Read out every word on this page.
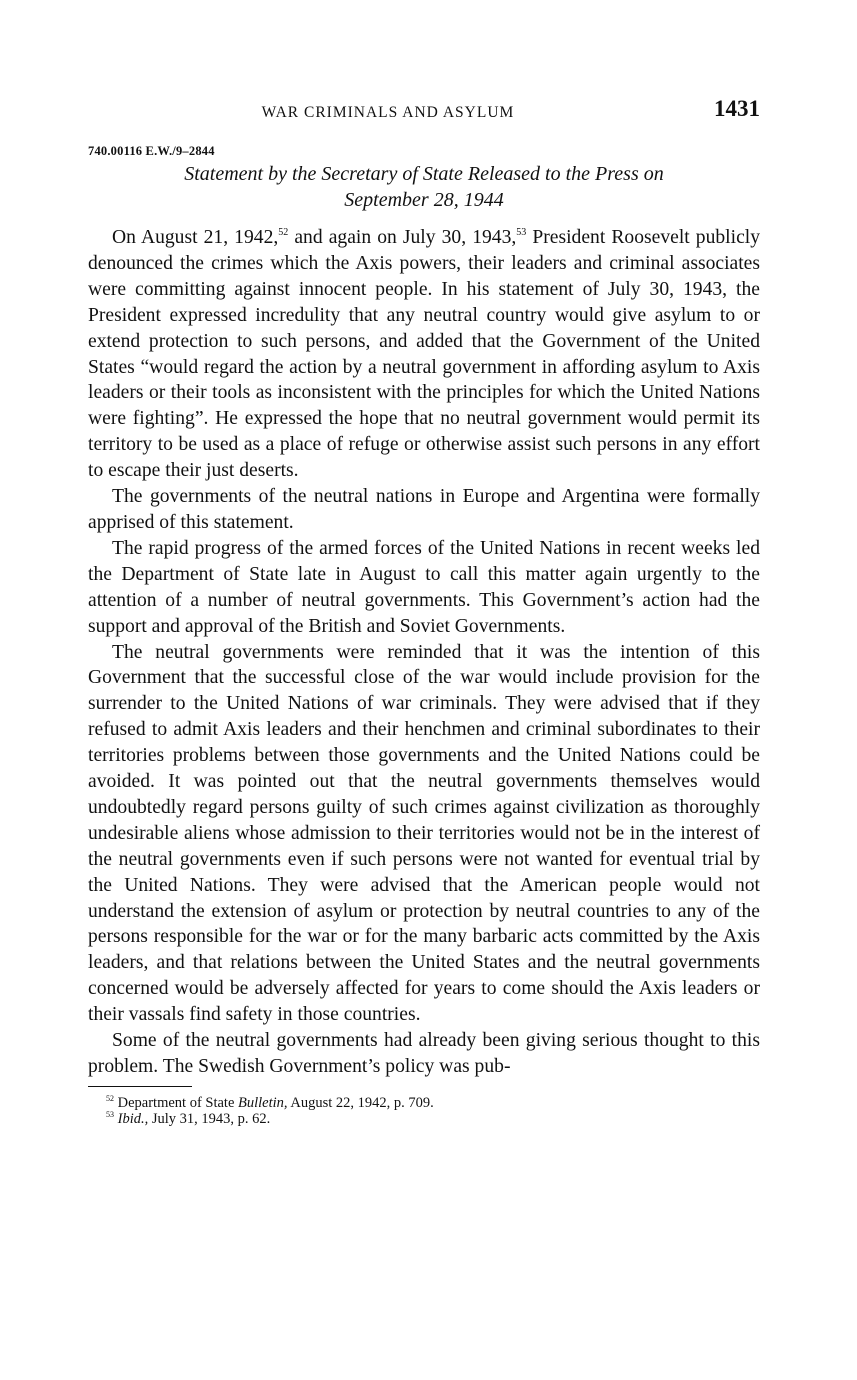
WAR CRIMINALS AND ASYLUM	1431
740.00116 E.W./9–2844
Statement by the Secretary of State Released to the Press on
September 28, 1944

On August 21, 1942,52 and again on July 30, 1943,53 President Roosevelt publicly denounced the crimes which the Axis powers, their leaders and criminal associates were committing against innocent people. In his statement of July 30, 1943, the President expressed incredulity that any neutral country would give asylum to or extend protection to such persons, and added that the Government of the United States “would regard the action by a neutral government in affording asylum to Axis leaders or their tools as inconsistent with the principles for which the United Nations were fighting”. He expressed the hope that no neutral government would permit its territory to be used as a place of refuge or otherwise assist such persons in any effort to escape their just deserts.

The governments of the neutral nations in Europe and Argentina were formally apprised of this statement.

The rapid progress of the armed forces of the United Nations in recent weeks led the Department of State late in August to call this matter again urgently to the attention of a number of neutral governments. This Government’s action had the support and approval of the British and Soviet Governments.

The neutral governments were reminded that it was the intention of this Government that the successful close of the war would include provision for the surrender to the United Nations of war criminals. They were advised that if they refused to admit Axis leaders and their henchmen and criminal subordinates to their territories problems between those governments and the United Nations could be avoided. It was pointed out that the neutral governments themselves would undoubtedly regard persons guilty of such crimes against civilization as thoroughly undesirable aliens whose admission to their territories would not be in the interest of the neutral governments even if such persons were not wanted for eventual trial by the United Nations. They were advised that the American people would not understand the extension of asylum or protection by neutral countries to any of the persons responsible for the war or for the many barbaric acts committed by the Axis leaders, and that relations between the United States and the neutral governments concerned would be adversely affected for years to come should the Axis leaders or their vassals find safety in those countries.

Some of the neutral governments had already been giving serious thought to this problem. The Swedish Government’s policy was pub-

$^{52}$ Department of State Bulletin, August 22, 1942, p. 709.
$^{53}$ Ibid., July 31, 1943, p. 62.
